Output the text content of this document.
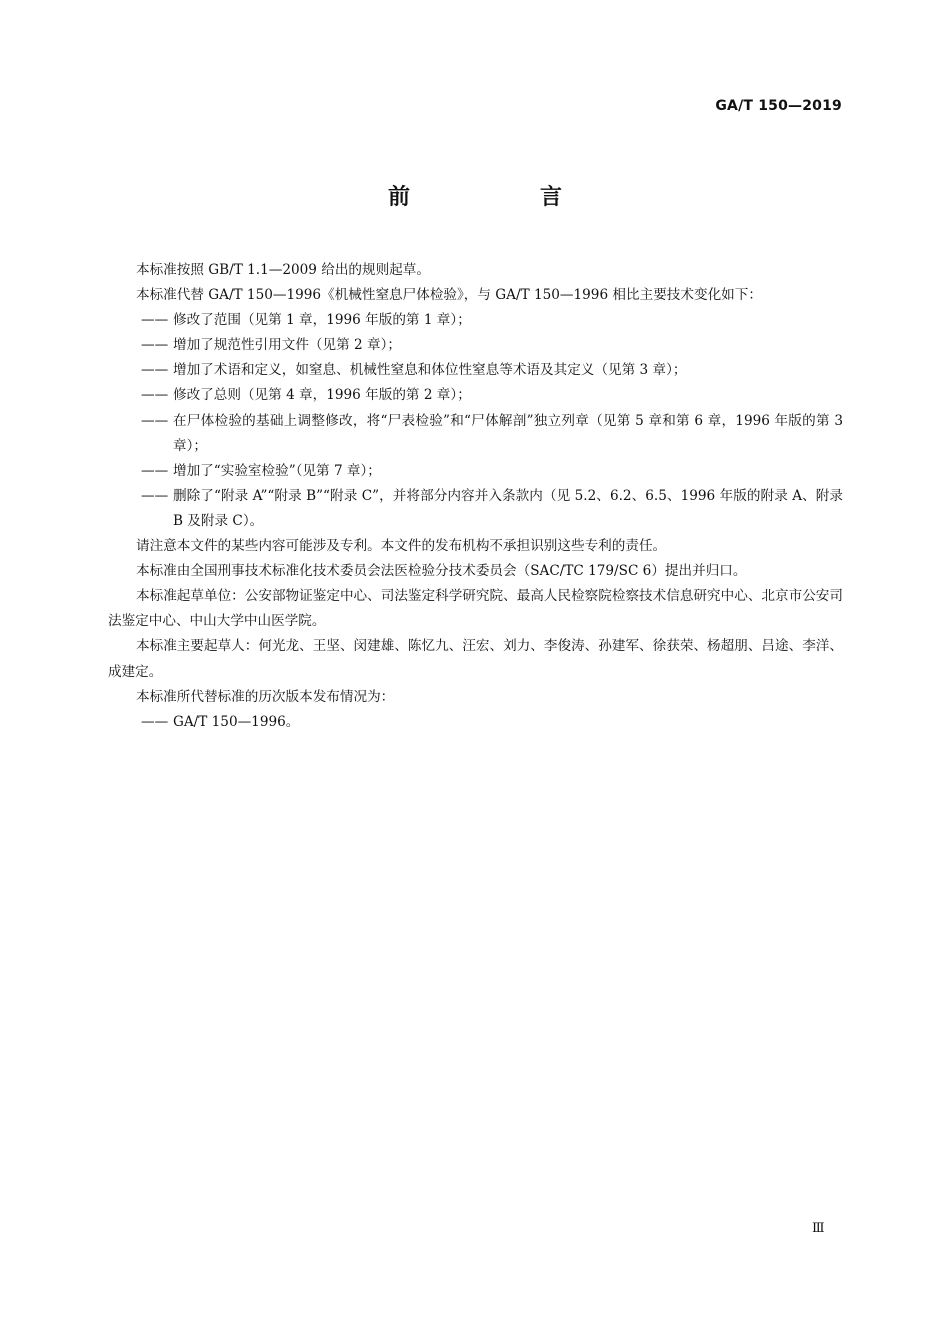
GA/T 150—2019
前　言

本标准按照 GB/T 1.1—2009 给出的规则起草。

本标准代替 GA/T 150—1996《机械性窒息尸体检验》，与 GA/T 150—1996 相比主要技术变化如下：

—— 修改了范围（见第 1 章，1996 年版的第 1 章）；

—— 增加了规范性引用文件（见第 2 章）；

—— 增加了术语和定义，如窒息、机械性窒息和体位性窒息等术语及其定义（见第 3 章）；

—— 修改了总则（见第 4 章，1996 年版的第 2 章）；

—— 在尸体检验的基础上调整修改，将“尸表检验”和“尸体解剖”独立列章（见第 5 章和第 6 章，1996 年版的第 3 章）；

—— 增加了“实验室检验”（见第 7 章）；

—— 删除了“附录 A”“附录 B”“附录 C”，并将部分内容并入条款内（见 5.2、6.2、6.5、1996 年版的附录 A、附录 B 及附录 C）。

请注意本文件的某些内容可能涉及专利。本文件的发布机构不承担识别这些专利的责任。

本标准由全国刑事技术标准化技术委员会法医检验分技术委员会（SAC/TC 179/SC 6）提出并归口。

本标准起草单位：公安部物证鉴定中心、司法鉴定科学研究院、最高人民检察院检察技术信息研究中心、北京市公安司法鉴定中心、中山大学中山医学院。

本标准主要起草人：何光龙、王坚、闵建雄、陈忆九、汪宏、刘力、李俊涛、孙建军、徐获荣、杨超朋、吕途、李洋、成建定。

本标准所代替标准的历次版本发布情况为：

—— GA/T 150—1996。

Ⅲ
